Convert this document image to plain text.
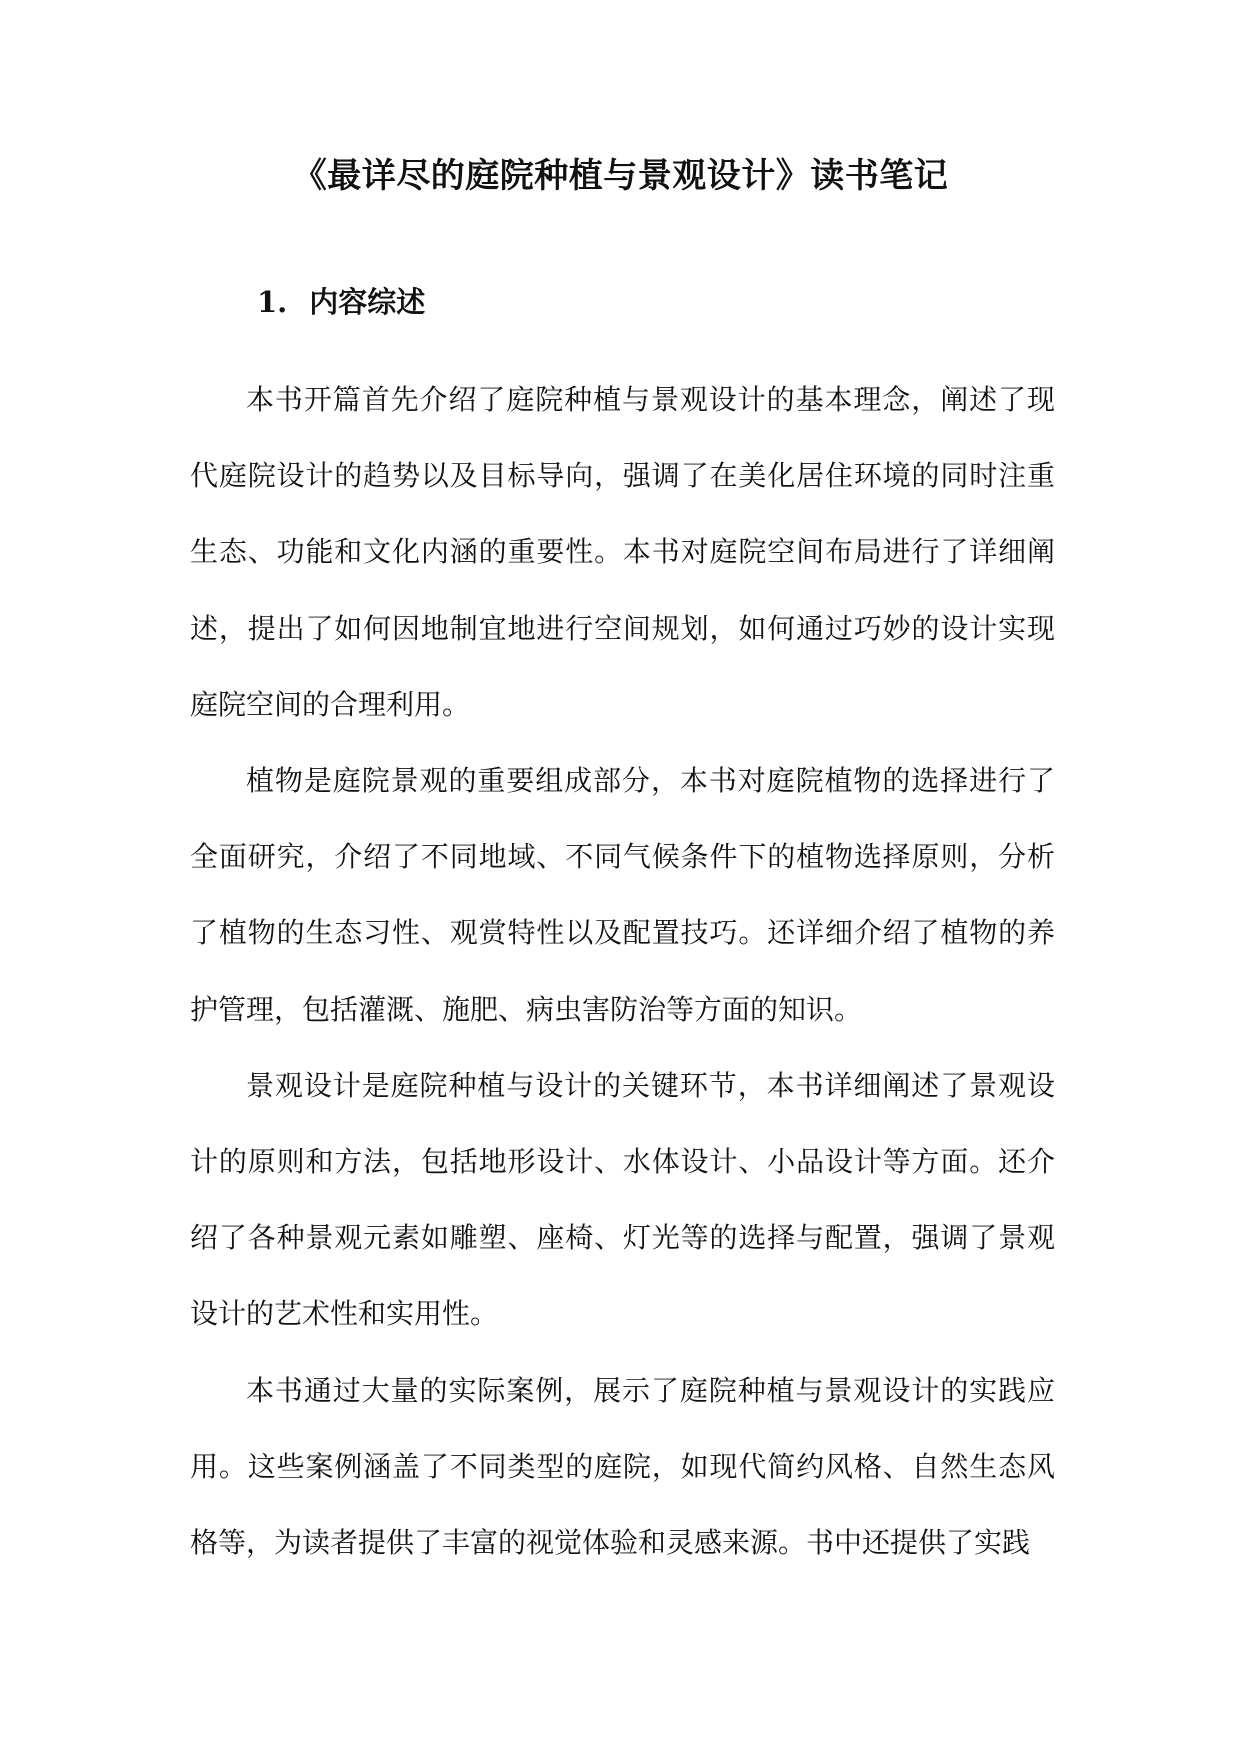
《最详尽的庭院种植与景观设计》读书笔记
1. 内容综述

本书开篇首先介绍了庭院种植与景观设计的基本理念，阐述了现代庭院设计的趋势以及目标导向，强调了在美化居住环境的同时注重生态、功能和文化内涵的重要性。本书对庭院空间布局进行了详细阐述，提出了如何因地制宜地进行空间规划，如何通过巧妙的设计实现庭院空间的合理利用。

植物是庭院景观的重要组成部分，本书对庭院植物的选择进行了全面研究，介绍了不同地域、不同气候条件下的植物选择原则，分析了植物的生态习性、观赏特性以及配置技巧。还详细介绍了植物的养护管理，包括灌溉、施肥、病虫害防治等方面的知识。

景观设计是庭院种植与设计的关键环节，本书详细阐述了景观设计的原则和方法，包括地形设计、水体设计、小品设计等方面。还介绍了各种景观元素如雕塑、座椅、灯光等的选择与配置，强调了景观设计的艺术性和实用性。

本书通过大量的实际案例，展示了庭院种植与景观设计的实践应用。这些案例涵盖了不同类型的庭院，如现代简约风格、自然生态风格等，为读者提供了丰富的视觉体验和灵感来源。书中还提供了实践
